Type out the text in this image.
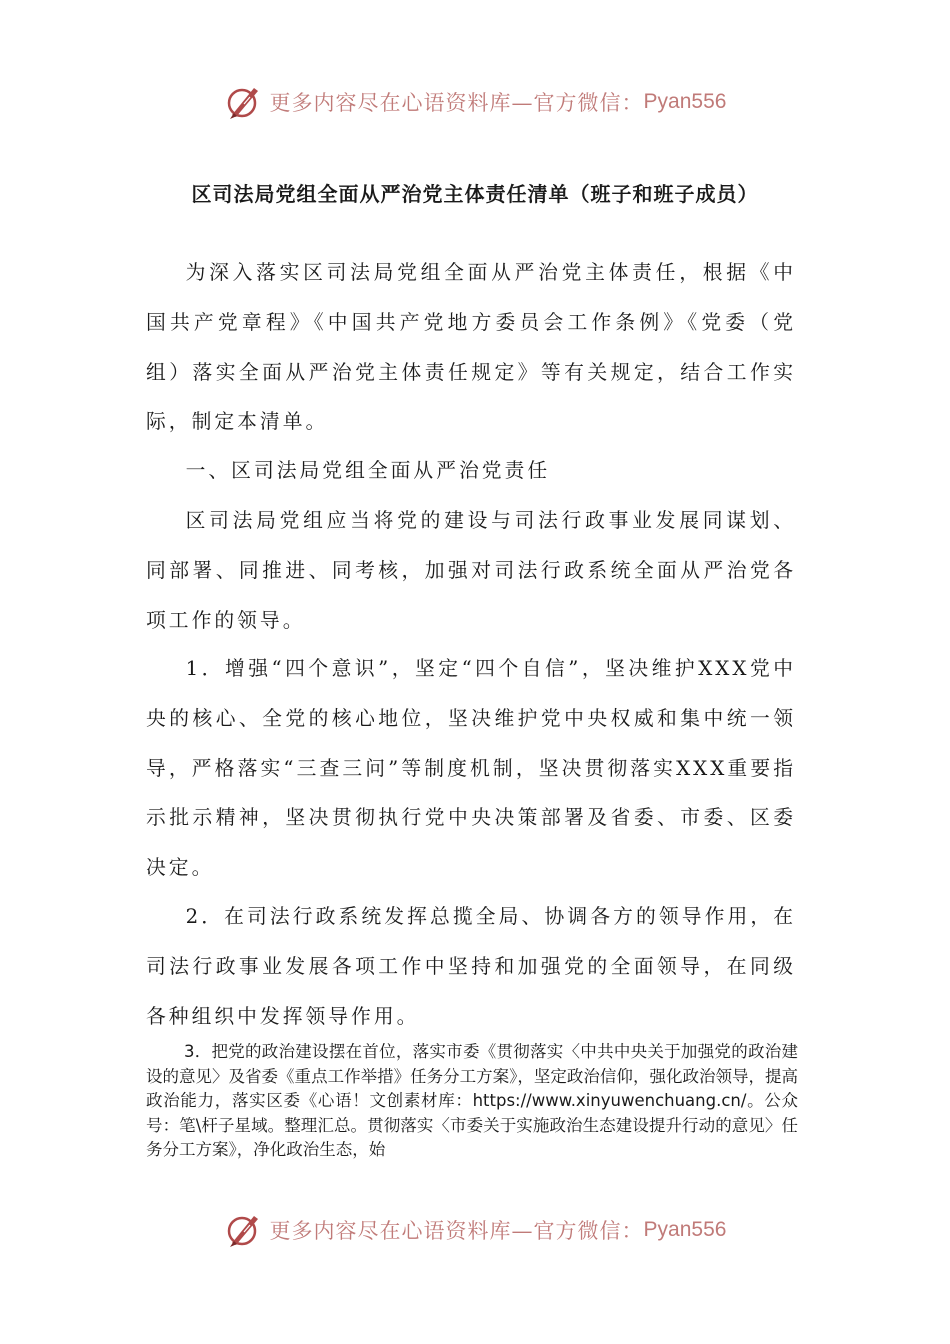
更多内容尽在心语资料库—官方微信： Pyan556
区司法局党组全面从严治党主体责任清单（班子和班子成员）

为深入落实区司法局党组全面从严治党主体责任，根据《中国共产党章程》《中国共产党地方委员会工作条例》《党委（党组）落实全面从严治党主体责任规定》等有关规定，结合工作实际，制定本清单。

一、区司法局党组全面从严治党责任

区司法局党组应当将党的建设与司法行政事业发展同谋划、同部署、同推进、同考核，加强对司法行政系统全面从严治党各项工作的领导。

1．增强“四个意识”，坚定“四个自信”，坚决维护XXX党中央的核心、全党的核心地位，坚决维护党中央权威和集中统一领导，严格落实“三查三问”等制度机制，坚决贯彻落实XXX重要指示批示精神，坚决贯彻执行党中央决策部署及省委、市委、区委决定。

2．在司法行政系统发挥总揽全局、协调各方的领导作用，在司法行政事业发展各项工作中坚持和加强党的全面领导，在同级各种组织中发挥领导作用。

3．把党的政治建设摆在首位，落实市委《贯彻落实〈中共中央关于加强党的政治建设的意见〉及省委《重点工作举措》任务分工方案》，坚定政治信仰，强化政治领导，提高政治能力，落实区委《心语！文创素材库：https://www.xinyuwenchuang.cn/。公众号：笔\杆子星域。整理汇总。贯彻落实〈市委关于实施政治生态建设提升行动的意见〉任务分工方案》，净化政治生态，始

更多内容尽在心语资料库—官方微信： Pyan556
